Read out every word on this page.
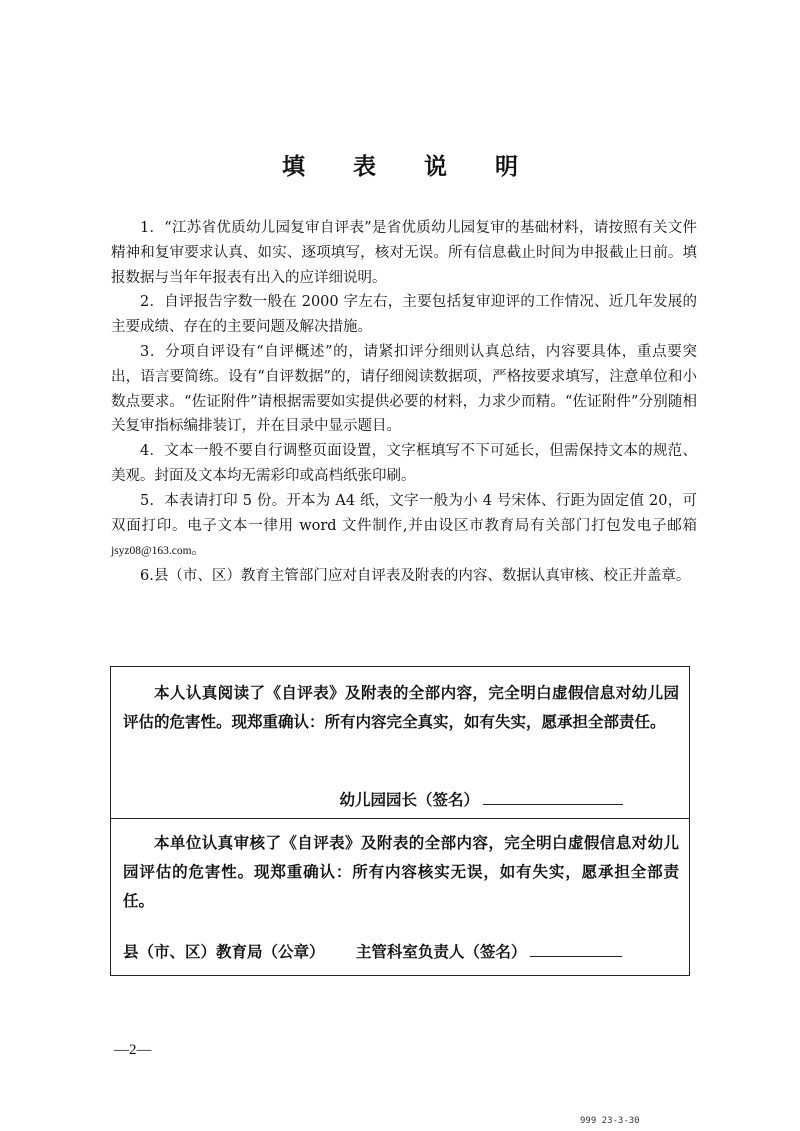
填 表 说 明

1．“江苏省优质幼儿园复审自评表”是省优质幼儿园复审的基础材料，请按照有关文件精神和复审要求认真、如实、逐项填写，核对无误。所有信息截止时间为申报截止日前。填报数据与当年年报表有出入的应详细说明。

2．自评报告字数一般在 2000 字左右，主要包括复审迎评的工作情况、近几年发展的主要成绩、存在的主要问题及解决措施。

3．分项自评设有“自评概述”的，请紧扣评分细则认真总结，内容要具体，重点要突出，语言要简练。设有“自评数据”的，请仔细阅读数据项，严格按要求填写，注意单位和小数点要求。“佐证附件”请根据需要如实提供必要的材料，力求少而精。“佐证附件”分别随相关复审指标编排装订，并在目录中显示题目。

4．文本一般不要自行调整页面设置，文字框填写不下可延长，但需保持文本的规范、美观。封面及文本均无需彩印或高档纸张印刷。

5．本表请打印 5 份。开本为 A4 纸，文字一般为小 4 号宋体、行距为固定值 20，可双面打印。电子文本一律用 word 文件制作,并由设区市教育局有关部门打包发电子邮箱jsyz08@163.com。

6.县（市、区）教育主管部门应对自评表及附表的内容、数据认真审核、校正并盖章。

本人认真阅读了《自评表》及附表的全部内容，完全明白虚假信息对幼儿园评估的危害性。现郑重确认：所有内容完全真实，如有失实，愿承担全部责任。

幼儿园园长（签名）

本单位认真审核了《自评表》及附表的全部内容，完全明白虚假信息对幼儿园评估的危害性。现郑重确认：所有内容核实无误，如有失实，愿承担全部责任。

县（市、区）教育局（公章） 主管科室负责人（签名）
—2—
999 23-3-30
